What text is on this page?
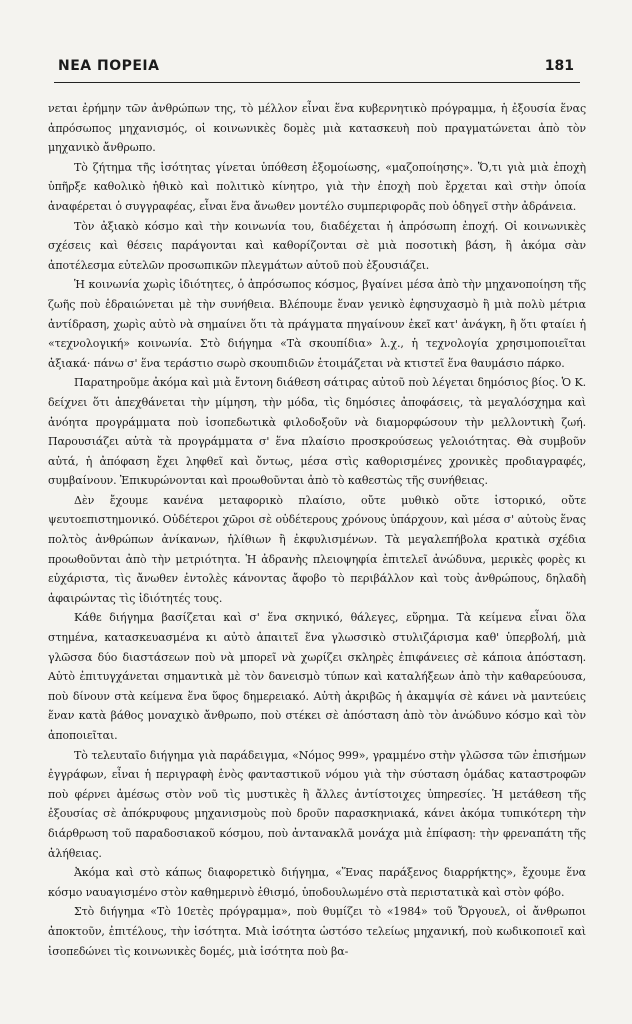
ΝΕΑ ΠΟΡΕΙΑ	181

νεται ἐρήμην τῶν ἀνθρώπων της, τὸ μέλλον εἶναι ἕνα κυβερνητικὸ πρόγραμμα, ἡ ἐξουσία ἕνας ἀπρόσωπος μηχανισμός, οἱ κοινωνικὲς δομὲς μιὰ κατασκευὴ ποὺ πραγματώνεται ἀπὸ τὸν μηχανικὸ ἄνθρωπο.

Τὸ ζήτημα τῆς ἰσότητας γίνεται ὑπόθεση ἐξομοίωσης, «μαζοποίησης». Ὅ,τι γιὰ μιὰ ἐποχὴ ὑπῆρξε καθολικὸ ἠθικὸ καὶ πολιτικὸ κίνητρο, γιὰ τὴν ἐποχὴ ποὺ ἔρχεται καὶ στὴν ὁποία ἀναφέρεται ὁ συγγραφέας, εἶναι ἕνα ἄνωθεν μοντέλο συμπεριφορᾶς ποὺ ὁδηγεῖ στὴν ἀδράνεια.

Τὸν ἀξιακὸ κόσμο καὶ τὴν κοινωνία του, διαδέχεται ἡ ἀπρόσωπη ἐποχή. Οἱ κοινωνικὲς σχέσεις καὶ θέσεις παράγονται καὶ καθορίζονται σὲ μιὰ ποσοτικὴ βάση, ἢ ἀκόμα σὰν ἀποτέλεσμα εὐτελῶν προσωπικῶν πλεγμάτων αὐτοῦ ποὺ ἐξουσιάζει.

Ἡ κοινωνία χωρὶς ἰδιότητες, ὁ ἀπρόσωπος κόσμος, βγαίνει μέσα ἀπὸ τὴν μηχανοποίηση τῆς ζωῆς ποὺ ἑδραιώνεται μὲ τὴν συνήθεια. Βλέπουμε ἕναν γενικὸ ἐφησυχασμὸ ἢ μιὰ πολὺ μέτρια ἀντίδραση, χωρὶς αὐτὸ νὰ σημαίνει ὅτι τὰ πράγματα πηγαίνουν ἐκεῖ κατ' ἀνάγκη, ἢ ὅτι φταίει ἡ «τεχνολογική» κοινωνία. Στὸ διήγημα «Τὰ σκουπίδια» λ.χ., ἡ τεχνολογία χρησιμοποιεῖται ἀξιακά· πάνω σ' ἕνα τεράστιο σωρὸ σκουπιδιῶν ἑτοιμάζεται νὰ κτιστεῖ ἕνα θαυμάσιο πάρκο.

Παρατηροῦμε ἀκόμα καὶ μιὰ ἔντονη διάθεση σάτιρας αὐτοῦ ποὺ λέγεται δημόσιος βίος. Ὁ Κ. δείχνει ὅτι ἀπεχθάνεται τὴν μίμηση, τὴν μόδα, τὶς δημόσιες ἀποφάσεις, τὰ μεγαλόσχημα καὶ ἀνόητα προγράμματα ποὺ ἰσοπεδωτικὰ φιλοδοξοῦν νὰ διαμορφώσουν τὴν μελλοντικὴ ζωή. Παρουσιάζει αὐτὰ τὰ προγράμματα σ' ἕνα πλαίσιο προσκρούσεως γελοιότητας. Θὰ συμβοῦν αὐτά, ἡ ἀπόφαση ἔχει ληφθεῖ καὶ ὄντως, μέσα στὶς καθορισμένες χρονικὲς προδιαγραφές, συμβαίνουν. Ἐπικυρώνονται καὶ προωθοῦνται ἀπὸ τὸ καθεστὼς τῆς συνήθειας.

Δὲν ἔχουμε κανένα μεταφορικὸ πλαίσιο, οὔτε μυθικὸ οὔτε ἱστορικό, οὔτε ψευτοεπιστημονικό. Οὐδέτεροι χῶροι σὲ οὐδέτερους χρόνους ὑπάρχουν, καὶ μέσα σ' αὐτοὺς ἕνας πολτὸς ἀνθρώπων ἀνίκανων, ἠλίθιων ἢ ἐκφυλισμένων. Τὰ μεγαλεπήβολα κρατικὰ σχέδια προωθοῦνται ἀπὸ τὴν μετριότητα. Ἡ ἀδρανὴς πλειοψηφία ἐπιτελεῖ ἀνώδυνα, μερικὲς φορὲς κι εὐχάριστα, τὶς ἄνωθεν ἐντολὲς κάνοντας ἄφοβο τὸ περιβάλλον καὶ τοὺς ἀνθρώπους, δηλαδὴ ἀφαιρώντας τὶς ἰδιότητές τους.

Κάθε διήγημα βασίζεται καὶ σ' ἕνα σκηνικό, θάλεγες, εὕρημα. Τὰ κείμενα εἶναι ὅλα στημένα, κατασκευασμένα κι αὐτὸ ἀπαιτεῖ ἕνα γλωσσικὸ στυλιζάρισμα καθ' ὑπερβολή, μιὰ γλῶσσα δύο διαστάσεων ποὺ νὰ μπορεῖ νὰ χωρίζει σκληρὲς ἐπιφάνειες σὲ κάποια ἀπόσταση. Αὐτὸ ἐπιτυγχάνεται σημαντικὰ μὲ τὸν δανεισμὸ τύπων καὶ καταλήξεων ἀπὸ τὴν καθαρεύουσα, ποὺ δίνουν στὰ κείμενα ἕνα ὕφος δημερειακό. Αὐτὴ ἀκριβῶς ἡ ἀκαμψία σὲ κάνει νὰ μαντεύεις ἕναν κατὰ βάθος μοναχικὸ ἄνθρωπο, ποὺ στέκει σὲ ἀπόσταση ἀπὸ τὸν ἀνώδυνο κόσμο καὶ τὸν ἀποποιεῖται.

Τὸ τελευταῖο διήγημα γιὰ παράδειγμα, «Νόμος 999», γραμμένο στὴν γλῶσσα τῶν ἐπισήμων ἐγγράφων, εἶναι ἡ περιγραφὴ ἑνὸς φανταστικοῦ νόμου γιὰ τὴν σύσταση ὁμάδας καταστροφῶν ποὺ φέρνει ἀμέσως στὸν νοῦ τὶς μυστικὲς ἢ ἄλλες ἀντίστοιχες ὑπηρεσίες. Ἡ μετάθεση τῆς ἐξουσίας σὲ ἀπόκρυφους μηχανισμοὺς ποὺ δροῦν παρασκηνιακά, κάνει ἀκόμα τυπικότερη τὴν διάρθρωση τοῦ παραδοσιακοῦ κόσμου, ποὺ ἀντανακλᾶ μονάχα μιὰ ἐπίφαση: τὴν φρεναπάτη τῆς ἀλήθειας.

Ἀκόμα καὶ στὸ κάπως διαφορετικὸ διήγημα, «Ἕνας παράξενος διαρρήκτης», ἔχουμε ἕνα κόσμο ναυαγισμένο στὸν καθημερινὸ ἐθισμό, ὑποδουλωμένο στὰ περιστατικὰ καὶ στὸν φόβο.

Στὸ διήγημα «Τὸ 10ετὲς πρόγραμμα», ποὺ θυμίζει τὸ «1984» τοῦ Ὄργουελ, οἱ ἄνθρωποι ἀποκτοῦν, ἐπιτέλους, τὴν ἰσότητα. Μιὰ ἰσότητα ὡστόσο τελείως μηχανική, ποὺ κωδικοποιεῖ καὶ ἰσοπεδώνει τὶς κοινωνικὲς δομές, μιὰ ἰσότητα ποὺ βα-
